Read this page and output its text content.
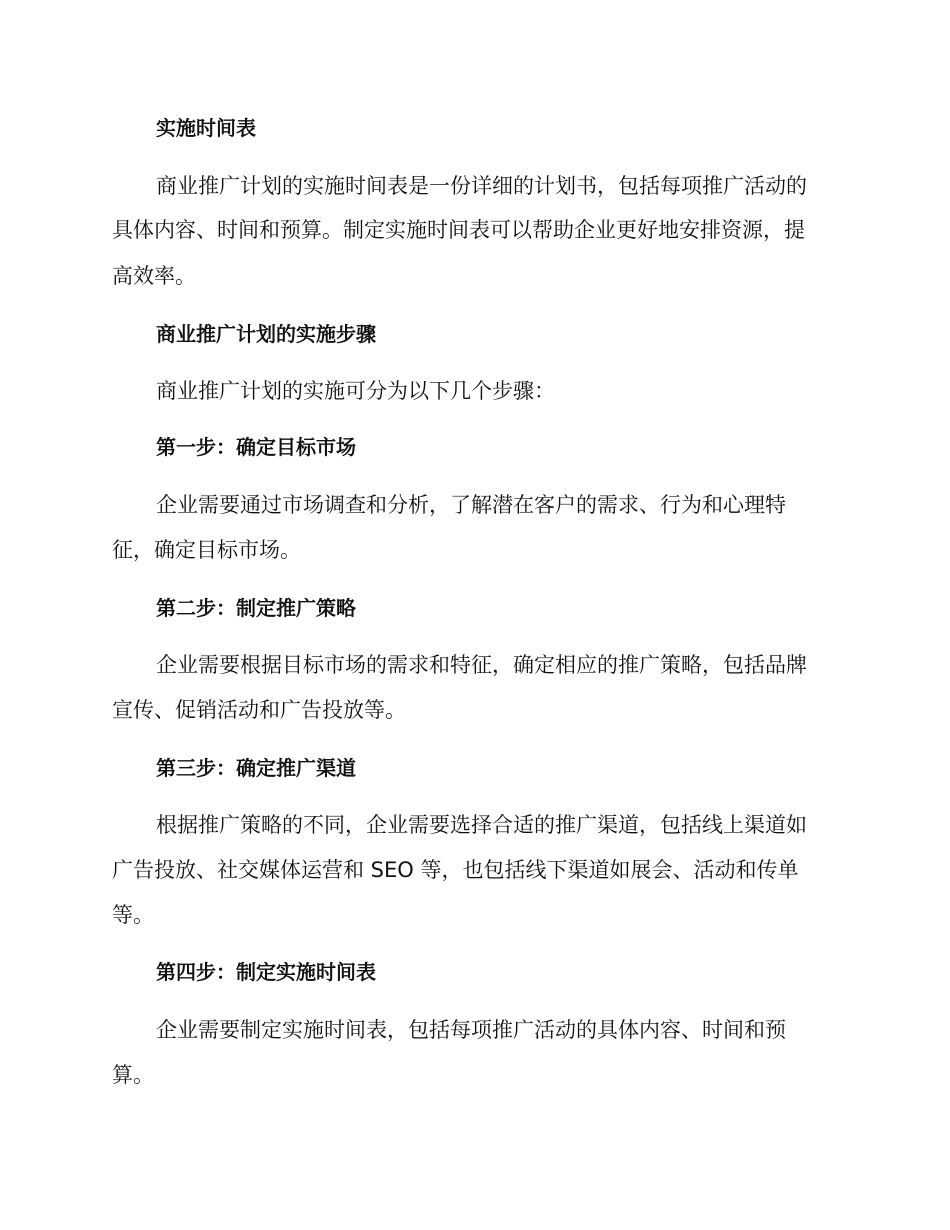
实施时间表
商业推广计划的实施时间表是一份详细的计划书，包括每项推广活动的
具体内容、时间和预算。制定实施时间表可以帮助企业更好地安排资源，提
高效率。
商业推广计划的实施步骤
商业推广计划的实施可分为以下几个步骤：
第一步：确定目标市场
企业需要通过市场调查和分析，了解潜在客户的需求、行为和心理特
征，确定目标市场。
第二步：制定推广策略
企业需要根据目标市场的需求和特征，确定相应的推广策略，包括品牌
宣传、促销活动和广告投放等。
第三步：确定推广渠道
根据推广策略的不同，企业需要选择合适的推广渠道，包括线上渠道如
广告投放、社交媒体运营和 SEO 等，也包括线下渠道如展会、活动和传单
等。
第四步：制定实施时间表
企业需要制定实施时间表，包括每项推广活动的具体内容、时间和预
算。
